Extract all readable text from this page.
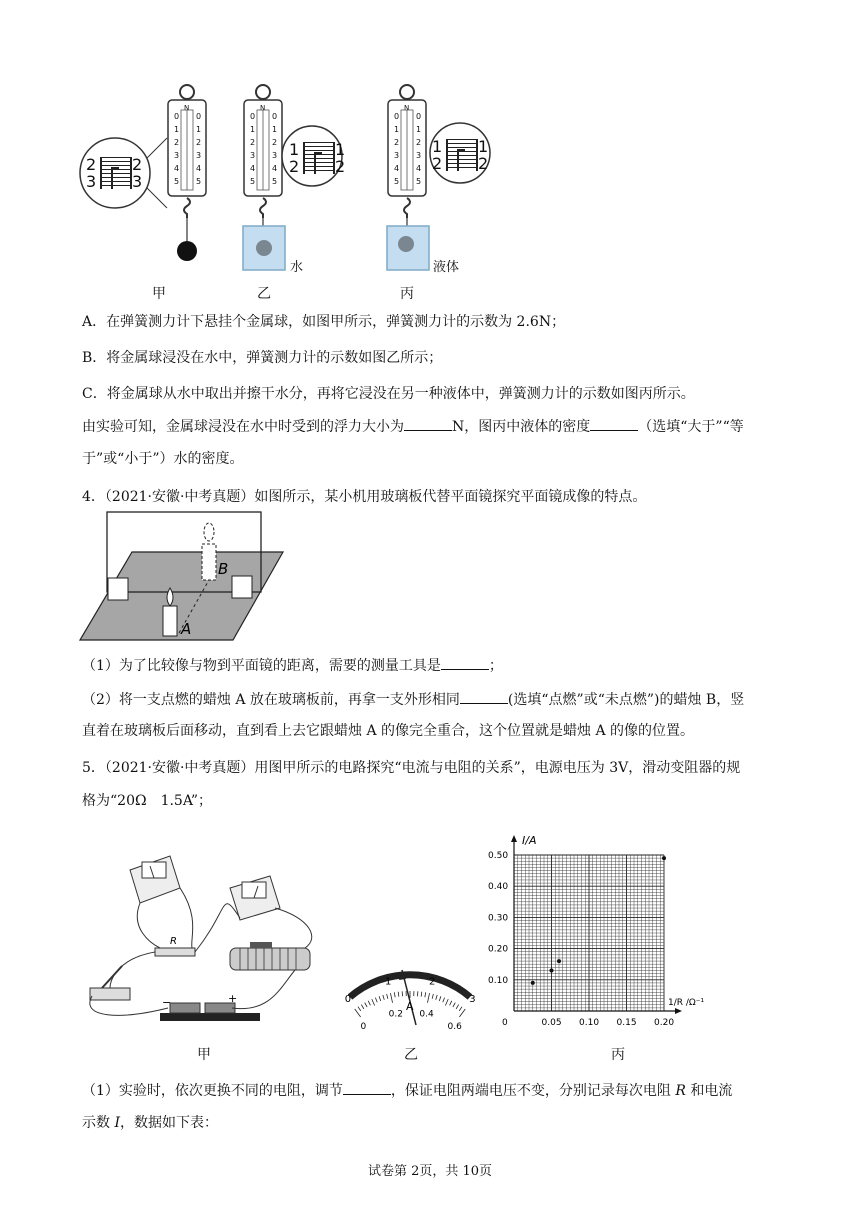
N
0 0
1 1
2 2
3 3
4 4
5 5
N
0 0
1 1
2 2
3 3
4 4
5 5
N
0 0
1 1
2 2
3 3
4 4
5 5
2 2
3 3
1 1
2 2
1 1
2 2
甲	乙	丙
水	液体
A．在弹簧测力计下悬挂个金属球，如图甲所示，弹簧测力计的示数为 2.6N；
B．将金属球浸没在水中，弹簧测力计的示数如图乙所示；
C．将金属球从水中取出并擦干水分，再将它浸没在另一种液体中，弹簧测力计的示数如图丙所示。
由实验可知，金属球浸没在水中时受到的浮力大小为	N，图丙中液体的密度	（选填“大于”“等
于”或“小于”）水的密度。
4．（2021·安徽·中考真题）如图所示，某小机用玻璃板代替平面镜探究平面镜成像的特点。
A
B
（1）为了比较像与物到平面镜的距离，需要的测量工具是	；
（2）将一支点燃的蜡烛 A 放在玻璃板前，再拿一支外形相同	(选填“点燃”或“未点燃”)的蜡烛 B，竖
直着在玻璃板后面移动，直到看上去它跟蜡烛 A 的像完全重合，这个位置就是蜡烛 A 的像的位置。
5．（2021·安徽·中考真题）用图甲所示的电路探究“电流与电阻的关系”，电源电压为 3V，滑动变阻器的规
格为“20Ω　1.5A”；
R
−	+
甲
0
1	2
3
0
0.2 0.4
0.6
A
乙
0	0.05 0.10 0.15 0.20
0.10
0.20
0.30
0.40
0.50
I/A
1/R /Ω⁻¹
丙
（1）实验时，依次更换不同的电阻，调节	，保证电阻两端电压不变，分别记录每次电阻 R 和电流
示数 I，数据如下表：
试卷第 2页，共 10页
